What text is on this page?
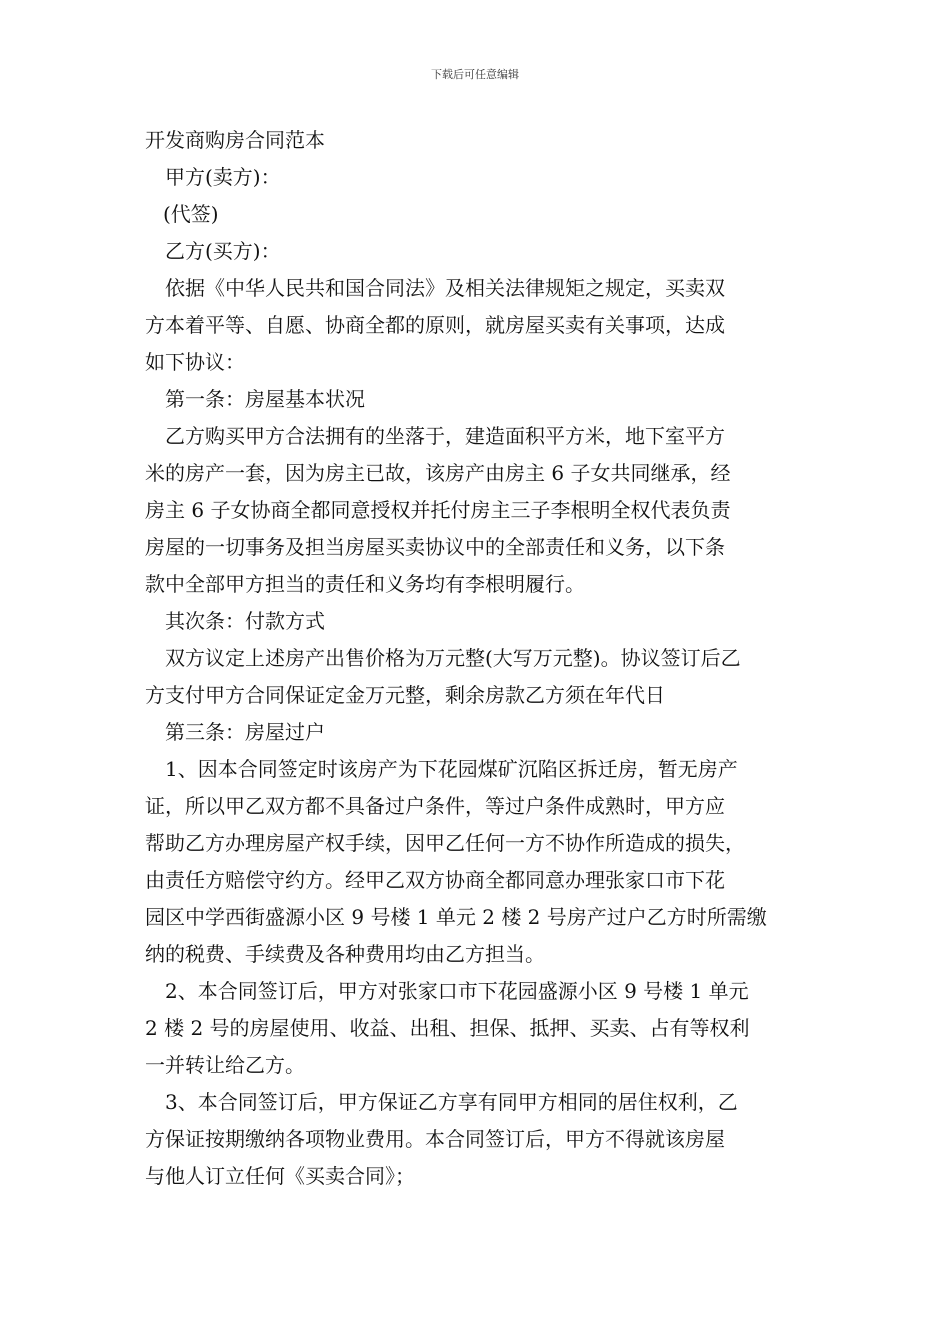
下载后可任意编辑
开发商购房合同范本
甲方(卖方)：
(代签)
乙方(买方)：
依据《中华人民共和国合同法》及相关法律规矩之规定，买卖双
方本着平等、自愿、协商全都的原则，就房屋买卖有关事项，达成
如下协议：
第一条：房屋基本状况
乙方购买甲方合法拥有的坐落于，建造面积平方米，地下室平方
米的房产一套，因为房主已故，该房产由房主 6 子女共同继承，经
房主 6 子女协商全都同意授权并托付房主三子李根明全权代表负责
房屋的一切事务及担当房屋买卖协议中的全部责任和义务，以下条
款中全部甲方担当的责任和义务均有李根明履行。
其次条：付款方式
双方议定上述房产出售价格为万元整(大写万元整)。协议签订后乙
方支付甲方合同保证定金万元整，剩余房款乙方须在年代日
第三条：房屋过户
1、因本合同签定时该房产为下花园煤矿沉陷区拆迁房，暂无房产
证，所以甲乙双方都不具备过户条件，等过户条件成熟时，甲方应
帮助乙方办理房屋产权手续，因甲乙任何一方不协作所造成的损失，
由责任方赔偿守约方。经甲乙双方协商全都同意办理张家口市下花
园区中学西街盛源小区 9 号楼 1 单元 2 楼 2 号房产过户乙方时所需缴
纳的税费、手续费及各种费用均由乙方担当。
2、本合同签订后，甲方对张家口市下花园盛源小区 9 号楼 1 单元
2 楼 2 号的房屋使用、收益、出租、担保、抵押、买卖、占有等权利
一并转让给乙方。
3、本合同签订后，甲方保证乙方享有同甲方相同的居住权利，乙
方保证按期缴纳各项物业费用。本合同签订后，甲方不得就该房屋
与他人订立任何《买卖合同》；
